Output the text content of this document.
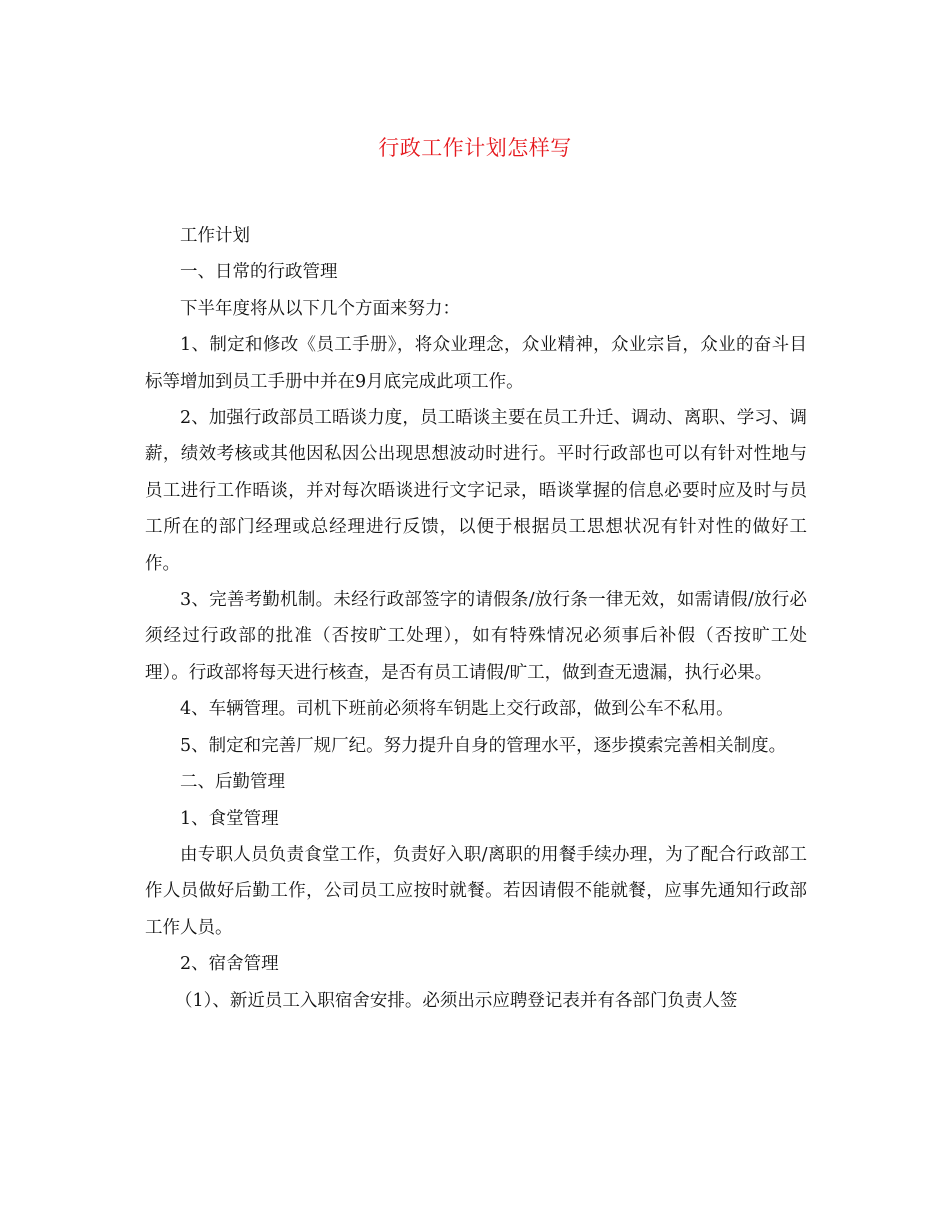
行政工作计划怎样写

工作计划

一、日常的行政管理

下半年度将从以下几个方面来努力：

1、制定和修改《员工手册》，将众业理念，众业精神，众业宗旨，众业的奋斗目标等增加到员工手册中并在9月底完成此项工作。

2、加强行政部员工晤谈力度，员工晤谈主要在员工升迁、调动、离职、学习、调薪，绩效考核或其他因私因公出现思想波动时进行。平时行政部也可以有针对性地与员工进行工作晤谈，并对每次晤谈进行文字记录，晤谈掌握的信息必要时应及时与员工所在的部门经理或总经理进行反馈，以便于根据员工思想状况有针对性的做好工作。

3、完善考勤机制。未经行政部签字的请假条/放行条一律无效，如需请假/放行必须经过行政部的批准（否按旷工处理），如有特殊情况必须事后补假（否按旷工处理）。行政部将每天进行核查，是否有员工请假/旷工，做到查无遗漏，执行必果。

4、车辆管理。司机下班前必须将车钥匙上交行政部，做到公车不私用。

5、制定和完善厂规厂纪。努力提升自身的管理水平，逐步摸索完善相关制度。

二、后勤管理

1、食堂管理

由专职人员负责食堂工作，负责好入职/离职的用餐手续办理，为了配合行政部工作人员做好后勤工作，公司员工应按时就餐。若因请假不能就餐，应事先通知行政部工作人员。

2、宿舍管理

（1）、新近员工入职宿舍安排。必须出示应聘登记表并有各部门负责人签
